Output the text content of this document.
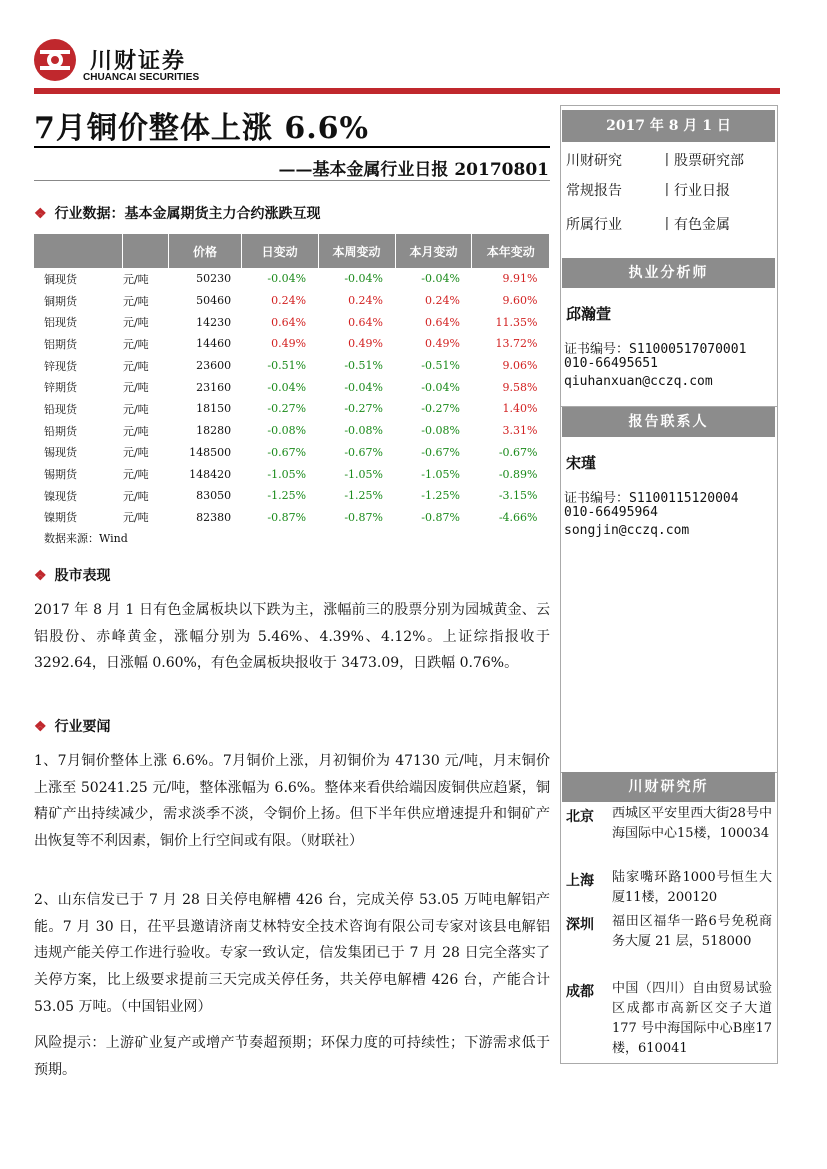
川财证券
CHUANCAI SECURITIES
7月铜价整体上涨 6.6%
——基本金属行业日报 20170801
❖ 行业数据：基本金属期货主力合约涨跌互现
		价格	日变动	本周变动	本月变动	本年变动
铜现货	元/吨	50230	-0.04%	-0.04%	-0.04%	9.91%
铜期货	元/吨	50460	0.24%	0.24%	0.24%	9.60%
铝现货	元/吨	14230	0.64%	0.64%	0.64%	11.35%
铝期货	元/吨	14460	0.49%	0.49%	0.49%	13.72%
锌现货	元/吨	23600	-0.51%	-0.51%	-0.51%	9.06%
锌期货	元/吨	23160	-0.04%	-0.04%	-0.04%	9.58%
铅现货	元/吨	18150	-0.27%	-0.27%	-0.27%	1.40%
铅期货	元/吨	18280	-0.08%	-0.08%	-0.08%	3.31%
锡现货	元/吨	148500	-0.67%	-0.67%	-0.67%	-0.67%
锡期货	元/吨	148420	-1.05%	-1.05%	-1.05%	-0.89%
镍现货	元/吨	83050	-1.25%	-1.25%	-1.25%	-3.15%
镍期货	元/吨	82380	-0.87%	-0.87%	-0.87%	-4.66%
数据来源：Wind
❖ 股市表现
2017 年 8 月 1 日有色金属板块以下跌为主，涨幅前三的股票分别为园城黄金、云铝股份、赤峰黄金，涨幅分别为 5.46%、4.39%、4.12%。上证综指报收于 3292.64，日涨幅 0.60%，有色金属板块报收于 3473.09，日跌幅 0.76%。
❖ 行业要闻
1、7月铜价整体上涨 6.6%。7月铜价上涨，月初铜价为 47130 元/吨，月末铜价上涨至 50241.25 元/吨，整体涨幅为 6.6%。整体来看供给端因废铜供应趋紧，铜精矿产出持续减少，需求淡季不淡，令铜价上扬。但下半年供应增速提升和铜矿产出恢复等不利因素，铜价上行空间或有限。（财联社）
2、山东信发已于 7 月 28 日关停电解槽 426 台，完成关停 53.05 万吨电解铝产能。7 月 30 日，茌平县邀请济南艾林特安全技术咨询有限公司专家对该县电解铝违规产能关停工作进行验收。专家一致认定，信发集团已于 7 月 28 日完全落实了关停方案，比上级要求提前三天完成关停任务，共关停电解槽 426 台，产能合计 53.05 万吨。（中国铝业网）
风险提示：上游矿业复产或增产节奏超预期；环保力度的可持续性；下游需求低于预期。
2017 年 8 月 1 日
川财研究	丨股票研究部
常规报告	丨行业日报
所属行业	丨有色金属
执业分析师
邱瀚萱
证书编号：S11000517070001
010-66495651
qiuhanxuan@cczq.com
报告联系人
宋瑾
证书编号：S1100115120004
010-66495964
songjin@cczq.com
川财研究所
北京 西城区平安里西大街28号中海国际中心15楼，100034
上海 陆家嘴环路1000号恒生大厦11楼，200120
深圳 福田区福华一路6号免税商务大厦 21 层，518000
成都 中国（四川）自由贸易试验区成都市高新区交子大道 177 号中海国际中心B座17楼，610041
